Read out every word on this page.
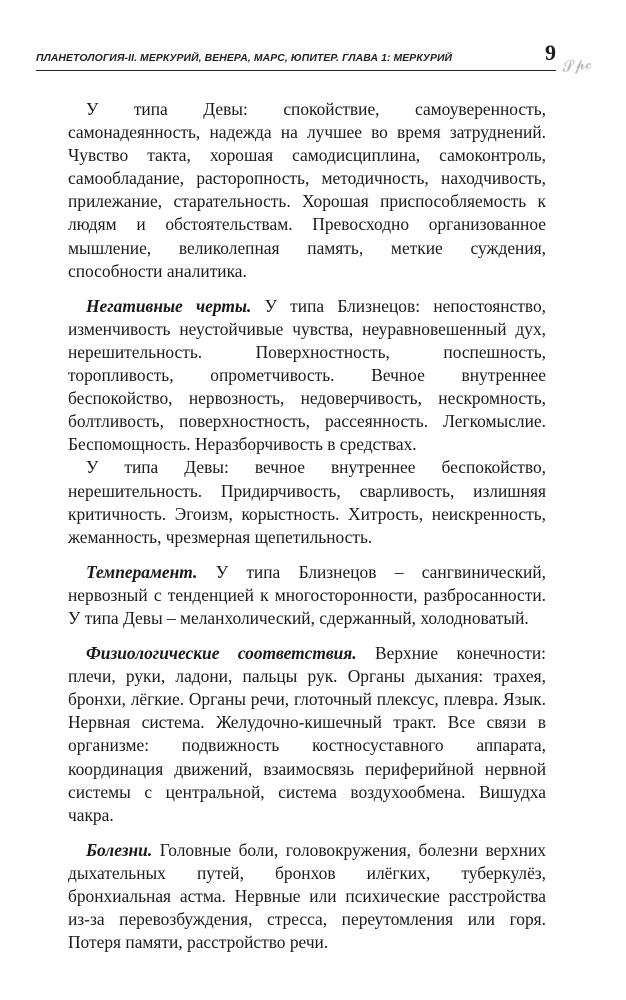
ПЛАНЕТОЛОГИЯ-II. МЕРКУРИЙ, ВЕНЕРА, МАРС, ЮПИТЕР. ГЛАВА 1: МЕРКУРИЙ	9 𝓢𝓹𝓬

У типа Девы: спокойствие, самоуверенность, самонадеянность, надежда на лучшее во время затруднений. Чувство такта, хорошая самодисциплина, самоконтроль, самообладание, расторопность, методичность, находчивость, прилежание, старательность. Хорошая приспособляемость к людям и обстоятельствам. Превосходно организованное мышление, великолепная память, меткие суждения, способности аналитика.

Негативные черты. У типа Близнецов: непостоянство, изменчивость неустойчивые чувства, неуравновешенный дух, нерешительность. Поверхностность, поспешность, торопливость, опрометчивость. Вечное внутреннее беспокойство, нервозность, недоверчивость, нескромность, болтливость, поверхностность, рассеянность. Легкомыслие. Беспомощность. Неразборчивость в средствах.

У типа Девы: вечное внутреннее беспокойство, нерешительность. Придирчивость, сварливость, излишняя критичность. Эгоизм, корыстность. Хитрость, неискренность, жеманность, чрезмерная щепетильность.

Темперамент. У типа Близнецов – сангвинический, нервозный с тенденцией к многосторонности, разбросанности. У типа Девы – меланхолический, сдержанный, холодноватый.

Физиологические соответствия. Верхние конечности: плечи, руки, ладони, пальцы рук. Органы дыхания: трахея, бронхи, лёгкие. Органы речи, глоточный плексус, плевра. Язык. Нервная система. Желудочно-кишечный тракт. Все связи в организме: подвижность костносуставного аппарата, координация движений, взаимосвязь периферийной нервной системы с центральной, система воздухообмена. Вишудха чакра.

Болезни. Головные боли, головокружения, болезни верхних дыхательных путей, бронхов илёгких, туберкулёз, бронхиальная астма. Нервные или психические расстройства из-за перевозбуждения, стресса, переутомления или горя. Потеря памяти, расстройство речи.
